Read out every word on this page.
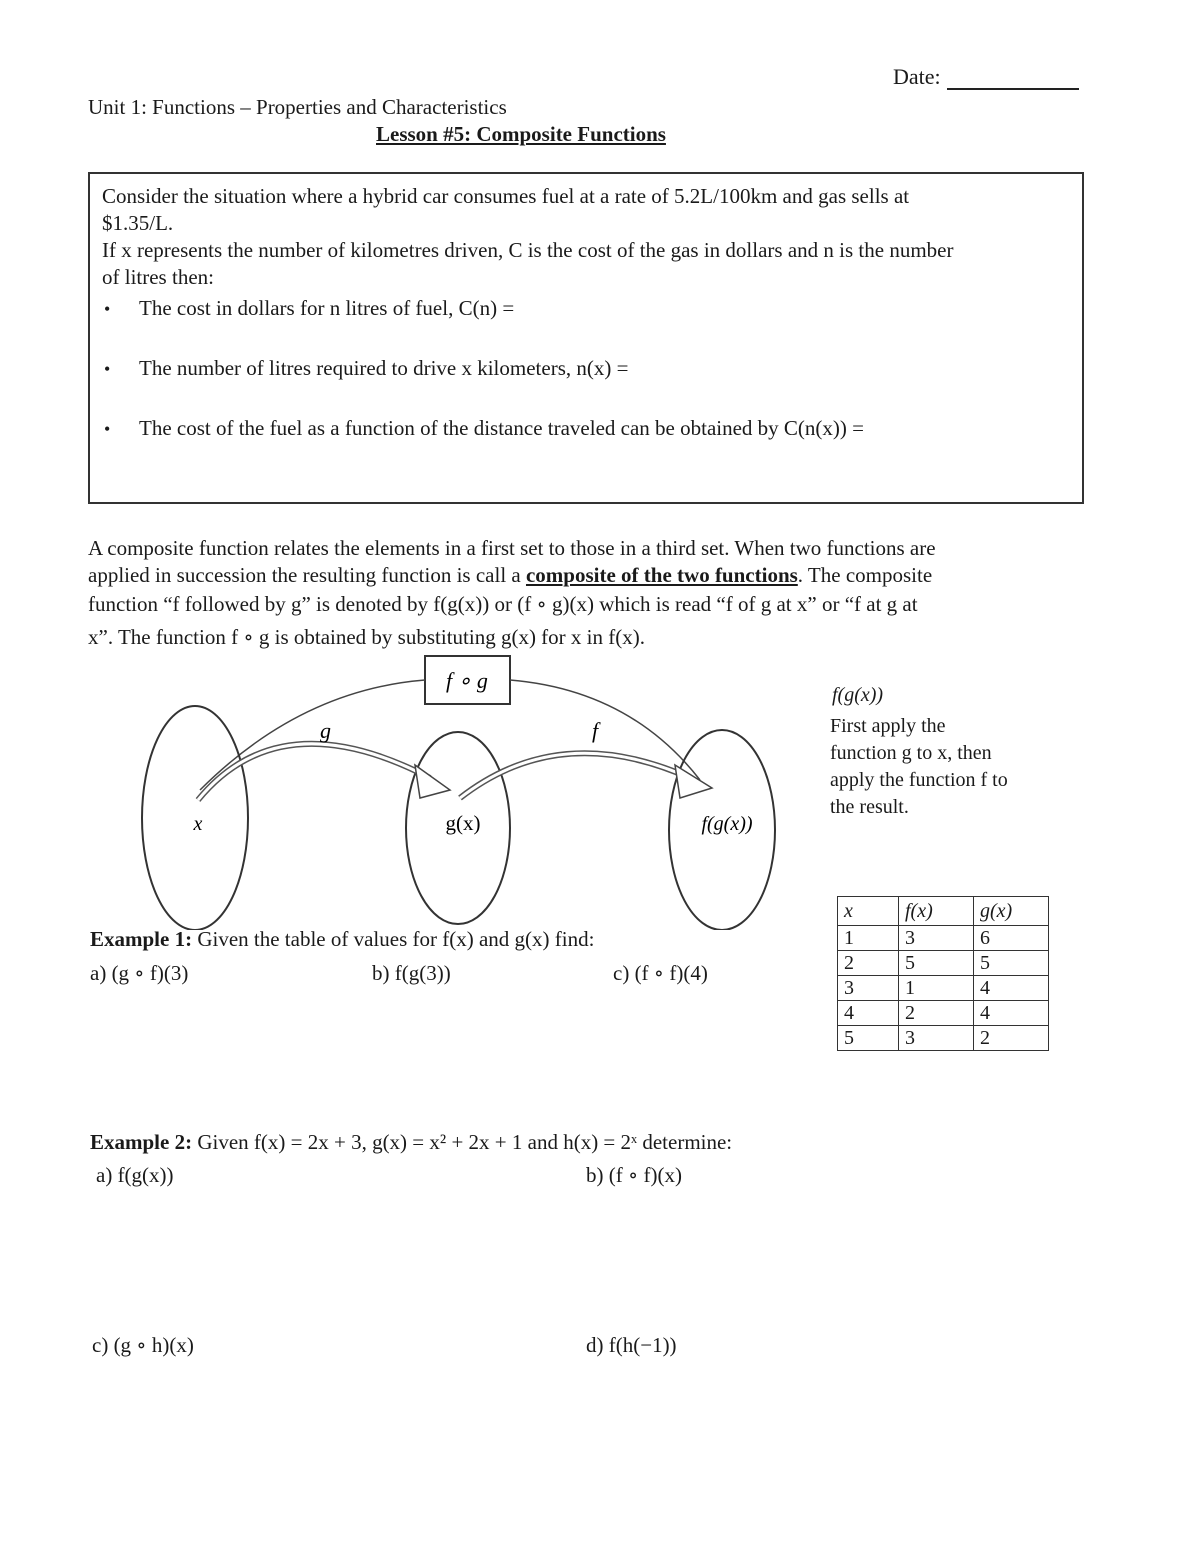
Date:
Unit 1: Functions – Properties and Characteristics
Lesson #5: Composite Functions
Consider the situation where a hybrid car consumes fuel at a rate of 5.2L/100km and gas sells at
$1.35/L.
If x represents the number of kilometres driven, C is the cost of the gas in dollars and n is the number
of litres then:
• The cost in dollars for n litres of fuel, C(n) =
• The number of litres required to drive x kilometers, n(x) =
• The cost of the fuel as a function of the distance traveled can be obtained by C(n(x)) =
A composite function relates the elements in a first set to those in a third set. When two functions are
applied in succession the resulting function is call a composite of the two functions. The composite
function “f followed by g” is denoted by f(g(x)) or (f ∘ g)(x) which is read “f of g at x” or “f at g at
x”. The function f ∘ g is obtained by substituting g(x) for x in f(x).
f ∘ g
g	f
x	g(x)	f(g(x))
f(g(x))
First apply the function g to x, then apply the function f to the result.
x	f(x)	g(x)
1	3	6
2	5	5
3	1	4
4	2	4
5	3	2
Example 1: Given the table of values for f(x) and g(x) find:
a) (g ∘ f)(3)	b) f(g(3))	c) (f ∘ f)(4)
Example 2: Given f(x) = 2x + 3, g(x) = x² + 2x + 1 and h(x) = 2ˣ determine:
a) f(g(x))	b) (f ∘ f)(x)
c) (g ∘ h)(x)	d) f(h(−1))
